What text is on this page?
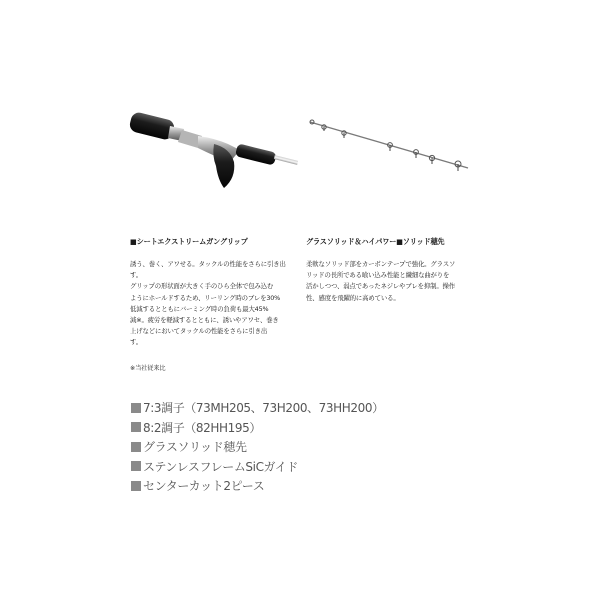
■シートエクストリームガングリップ

誘う、巻く、アワせる。タックルの性能をさらに引き出
す。
グリップの形状面が大きく手のひら全体で包み込む
ようにホールドするため、リーリング時のブレを30%
低減するとともにバーミング時の負荷も最大45%
減※。疲労を軽減するとともに、誘いやアワセ、巻き
上げなどにおいてタックルの性能をさらに引き出
す。

※当社従来比

グラスソリッド＆ハイパワー■ソリッド穂先

柔軟なソリッド部をカーボンテープで強化。グラスソ
リッドの長所である喰い込み性能と繊細な曲がりを
活かしつつ、弱点であったネジレやブレを抑制。操作
性、感度を飛躍的に高めている。

7:3調子（73MH205、73H200、73HH200）
8:2調子（82HH195）
グラスソリッド穂先
ステンレスフレームSiCガイド
センターカット2ピース
